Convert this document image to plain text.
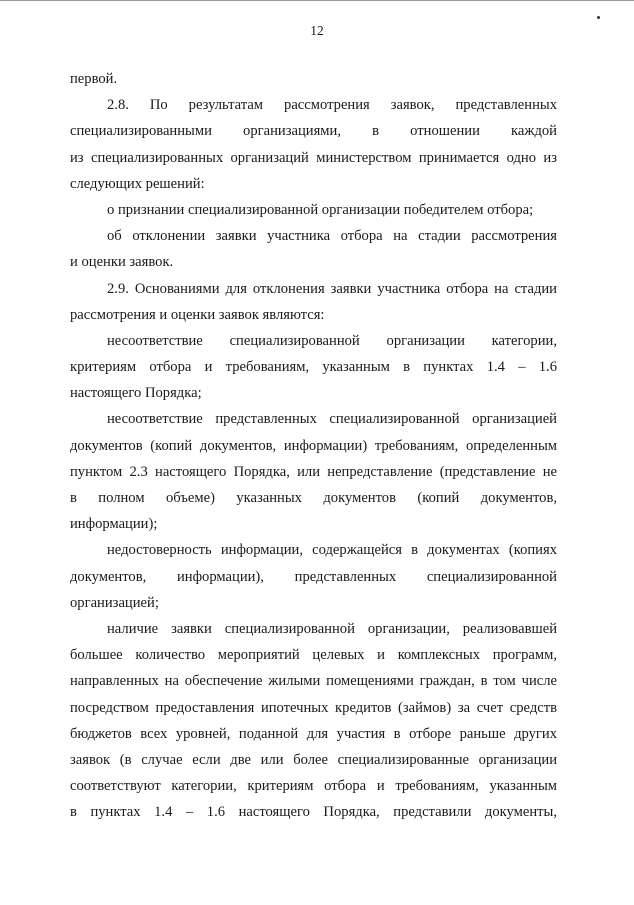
12
первой.
2.8. По результатам рассмотрения заявок, представленных
специализированными организациями, в отношении каждой
из специализированных организаций министерством принимается одно из
следующих решений:
о признании специализированной организации победителем отбора;
об отклонении заявки участника отбора на стадии рассмотрения
и оценки заявок.
2.9. Основаниями для отклонения заявки участника отбора на стадии
рассмотрения и оценки заявок являются:
несоответствие специализированной организации категории,
критериям отбора и требованиям, указанным в пунктах 1.4 – 1.6
настоящего Порядка;
несоответствие представленных специализированной организацией
документов (копий документов, информации) требованиям, определенным
пунктом 2.3 настоящего Порядка, или непредставление (представление не
в полном объеме) указанных документов (копий документов,
информации);
недостоверность информации, содержащейся в документах (копиях
документов, информации), представленных специализированной
организацией;
наличие заявки специализированной организации, реализовавшей
большее количество мероприятий целевых и комплексных программ,
направленных на обеспечение жилыми помещениями граждан, в том числе
посредством предоставления ипотечных кредитов (займов) за счет средств
бюджетов всех уровней, поданной для участия в отборе раньше других
заявок (в случае если две или более специализированные организации
соответствуют категории, критериям отбора и требованиям, указанным
в пунктах 1.4 – 1.6 настоящего Порядка, представили документы,
